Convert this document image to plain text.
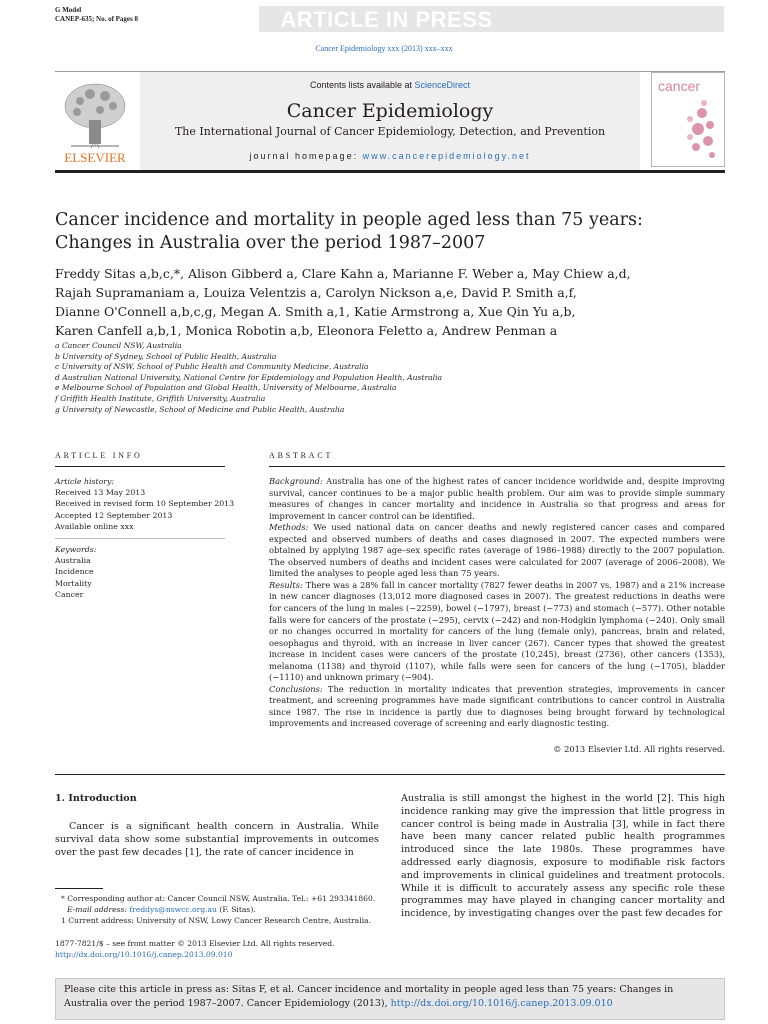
G Model
CANEP-635; No. of Pages 8	ARTICLE IN PRESS
Cancer Epidemiology xxx (2013) xxx–xxx
ELSEVIER
Contents lists available at ScienceDirect
Cancer Epidemiology
The International Journal of Cancer Epidemiology, Detection, and Prevention
journal homepage: www.cancerepidemiology.net
cancer
Cancer incidence and mortality in people aged less than 75 years:
Changes in Australia over the period 1987–2007
Freddy Sitas a,b,c,*, Alison Gibberd a, Clare Kahn a, Marianne F. Weber a, May Chiew a,d,
Rajah Supramaniam a, Louiza Velentzis a, Carolyn Nickson a,e, David P. Smith a,f,
Dianne O'Connell a,b,c,g, Megan A. Smith a,1, Katie Armstrong a, Xue Qin Yu a,b,
Karen Canfell a,b,1, Monica Robotin a,b, Eleonora Feletto a, Andrew Penman a
a Cancer Council NSW, Australia
b University of Sydney, School of Public Health, Australia
c University of NSW, School of Public Health and Community Medicine, Australia
d Australian National University, National Centre for Epidemiology and Population Health, Australia
e Melbourne School of Population and Global Health, University of Melbourne, Australia
f Griffith Health Institute, Griffith University, Australia
g University of Newcastle, School of Medicine and Public Health, Australia
ARTICLE INFO
Article history:
Received 13 May 2013
Received in revised form 10 September 2013
Accepted 12 September 2013
Available online xxx
Keywords:
Australia
Incidence
Mortality
Cancer
ABSTRACT

Background: Australia has one of the highest rates of cancer incidence worldwide and, despite improving survival, cancer continues to be a major public health problem. Our aim was to provide simple summary measures of changes in cancer mortality and incidence in Australia so that progress and areas for improvement in cancer control can be identified.

Methods: We used national data on cancer deaths and newly registered cancer cases and compared expected and observed numbers of deaths and cases diagnosed in 2007. The expected numbers were obtained by applying 1987 age–sex specific rates (average of 1986–1988) directly to the 2007 population. The observed numbers of deaths and incident cases were calculated for 2007 (average of 2006–2008). We limited the analyses to people aged less than 75 years.

Results: There was a 28% fall in cancer mortality (7827 fewer deaths in 2007 vs. 1987) and a 21% increase in new cancer diagnoses (13,012 more diagnosed cases in 2007). The greatest reductions in deaths were for cancers of the lung in males (−2259), bowel (−1797), breast (−773) and stomach (−577). Other notable falls were for cancers of the prostate (−295), cervix (−242) and non-Hodgkin lymphoma (−240). Only small or no changes occurred in mortality for cancers of the lung (female only), pancreas, brain and related, oesophagus and thyroid, with an increase in liver cancer (267). Cancer types that showed the greatest increase in incident cases were cancers of the prostate (10,245), breast (2736), other cancers (1353), melanoma (1138) and thyroid (1107), while falls were seen for cancers of the lung (−1705), bladder (−1110) and unknown primary (−904).

Conclusions: The reduction in mortality indicates that prevention strategies, improvements in cancer treatment, and screening programmes have made significant contributions to cancer control in Australia since 1987. The rise in incidence is partly due to diagnoses being brought forward by technological improvements and increased coverage of screening and early diagnostic testing.

© 2013 Elsevier Ltd. All rights reserved.
1. Introduction
Cancer is a significant health concern in Australia. While
survival data show some substantial improvements in outcomes
over the past few decades [1], the rate of cancer incidence in
Australia is still amongst the highest in the world [2]. This high
incidence ranking may give the impression that little progress in
cancer control is being made in Australia [3], while in fact there
have been many cancer related public health programmes
introduced since the late 1980s. These programmes have
addressed early diagnosis, exposure to modifiable risk factors
and improvements in clinical guidelines and treatment protocols.
While it is difficult to accurately assess any specific role these
programmes may have played in changing cancer mortality and
incidence, by investigating changes over the past few decades for
* Corresponding author at: Cancer Council NSW, Australia. Tel.: +61 293341860.
E-mail address: freddys@nswcc.org.au (F. Sitas).
1 Current address: University of NSW, Lowy Cancer Research Centre, Australia.
1877-7821/$ – see front matter © 2013 Elsevier Ltd. All rights reserved.
http://dx.doi.org/10.1016/j.canep.2013.09.010
Please cite this article in press as: Sitas F, et al. Cancer incidence and mortality in people aged less than 75 years: Changes in Australia over the period 1987–2007. Cancer Epidemiology (2013), http://dx.doi.org/10.1016/j.canep.2013.09.010
